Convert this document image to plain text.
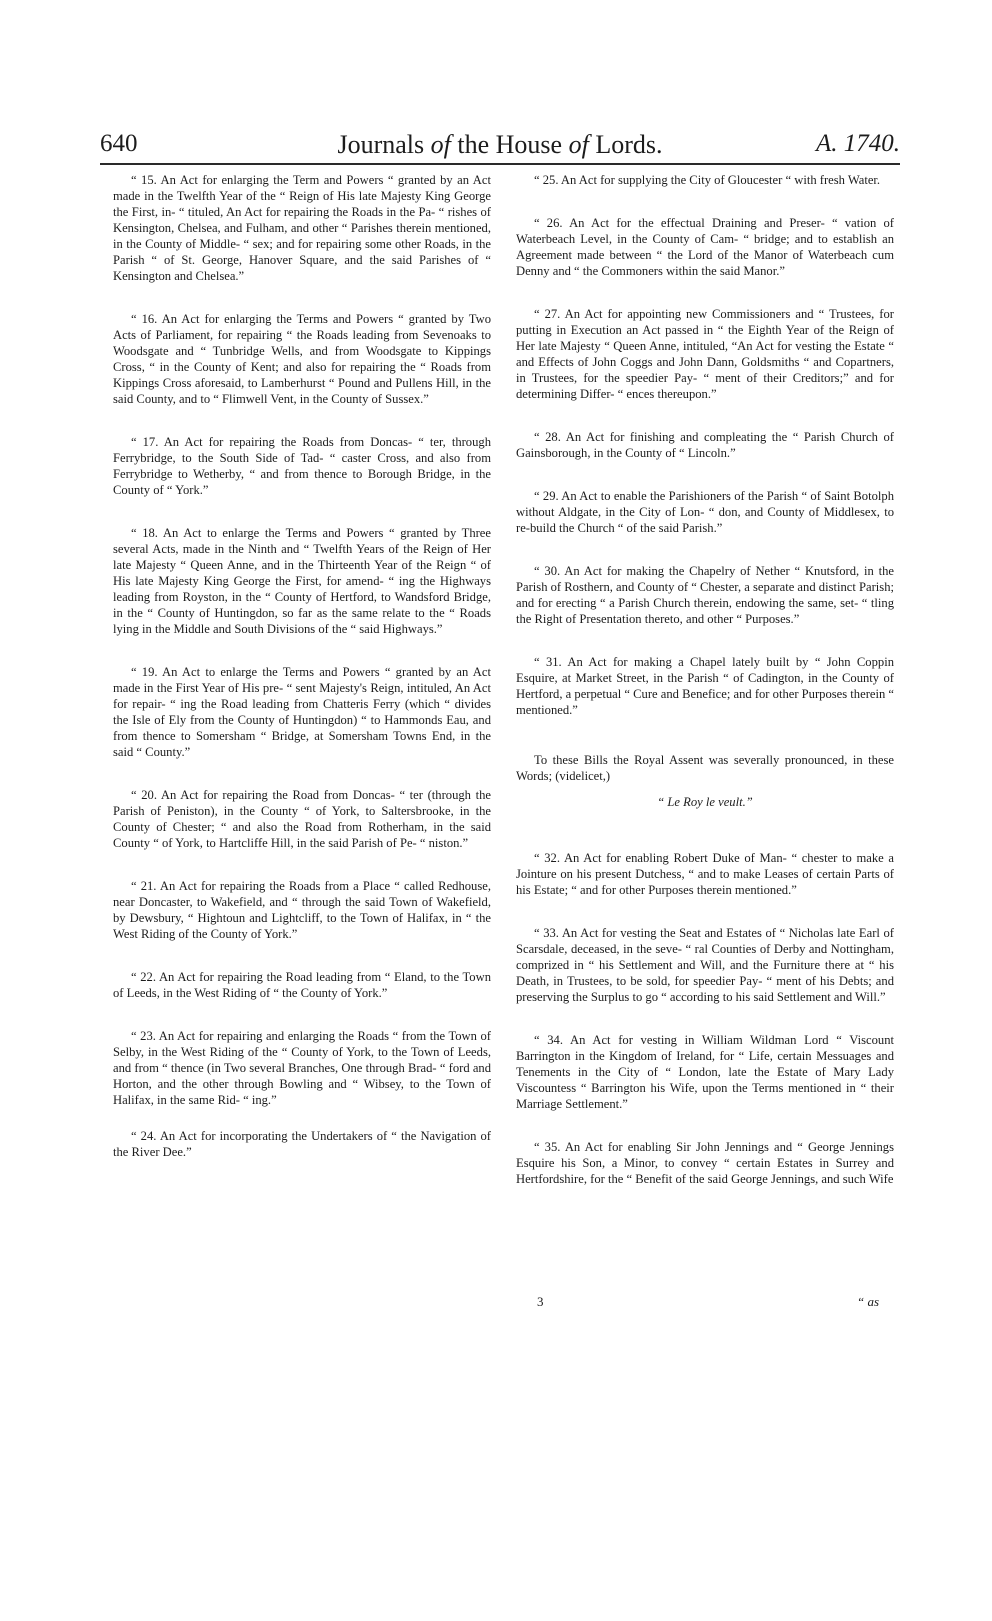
640	Journals of the House of Lords.	A. 1740.

“ 15. An Act for enlarging the Term and Powers “ granted by an Act made in the Twelfth Year of the “ Reign of His late Majesty King George the First, in- “ tituled, An Act for repairing the Roads in the Pa- “ rishes of Kensington, Chelsea, and Fulham, and other “ Parishes therein mentioned, in the County of Middle- “ sex; and for repairing some other Roads, in the Parish “ of St. George, Hanover Square, and the said Parishes of “ Kensington and Chelsea.”

“ 16. An Act for enlarging the Terms and Powers “ granted by Two Acts of Parliament, for repairing “ the Roads leading from Sevenoaks to Woodsgate and “ Tunbridge Wells, and from Woodsgate to Kippings Cross, “ in the County of Kent; and also for repairing the “ Roads from Kippings Cross aforesaid, to Lamberhurst “ Pound and Pullens Hill, in the said County, and to “ Flimwell Vent, in the County of Sussex.”

“ 17. An Act for repairing the Roads from Doncas- “ ter, through Ferrybridge, to the South Side of Tad- “ caster Cross, and also from Ferrybridge to Wetherby, “ and from thence to Borough Bridge, in the County of “ York.”

“ 18. An Act to enlarge the Terms and Powers “ granted by Three several Acts, made in the Ninth and “ Twelfth Years of the Reign of Her late Majesty “ Queen Anne, and in the Thirteenth Year of the Reign “ of His late Majesty King George the First, for amend- “ ing the Highways leading from Royston, in the “ County of Hertford, to Wandsford Bridge, in the “ County of Huntingdon, so far as the same relate to the “ Roads lying in the Middle and South Divisions of the “ said Highways.”

“ 19. An Act to enlarge the Terms and Powers “ granted by an Act made in the First Year of His pre- “ sent Majesty's Reign, intituled, An Act for repair- “ ing the Road leading from Chatteris Ferry (which “ divides the Isle of Ely from the County of Huntingdon) “ to Hammonds Eau, and from thence to Somersham “ Bridge, at Somersham Towns End, in the said “ County.”

“ 20. An Act for repairing the Road from Doncas- “ ter (through the Parish of Peniston), in the County “ of York, to Saltersbrooke, in the County of Chester; “ and also the Road from Rotherham, in the said County “ of York, to Hartcliffe Hill, in the said Parish of Pe- “ niston.”

“ 21. An Act for repairing the Roads from a Place “ called Redhouse, near Doncaster, to Wakefield, and “ through the said Town of Wakefield, by Dewsbury, “ Hightoun and Lightcliff, to the Town of Halifax, in “ the West Riding of the County of York.”

“ 22. An Act for repairing the Road leading from “ Eland, to the Town of Leeds, in the West Riding of “ the County of York.”

“ 23. An Act for repairing and enlarging the Roads “ from the Town of Selby, in the West Riding of the “ County of York, to the Town of Leeds, and from “ thence (in Two several Branches, One through Brad- “ ford and Horton, and the other through Bowling and “ Wibsey, to the Town of Halifax, in the same Rid- “ ing.”

“ 24. An Act for incorporating the Undertakers of “ the Navigation of the River Dee.”

“ 25. An Act for supplying the City of Gloucester “ with fresh Water.

“ 26. An Act for the effectual Draining and Preser- “ vation of Waterbeach Level, in the County of Cam- “ bridge; and to establish an Agreement made between “ the Lord of the Manor of Waterbeach cum Denny and “ the Commoners within the said Manor.”

“ 27. An Act for appointing new Commissioners and “ Trustees, for putting in Execution an Act passed in “ the Eighth Year of the Reign of Her late Majesty “ Queen Anne, intituled, “An Act for vesting the Estate “ and Effects of John Coggs and John Dann, Goldsmiths “ and Copartners, in Trustees, for the speedier Pay- “ ment of their Creditors;” and for determining Differ- “ ences thereupon.”

“ 28. An Act for finishing and compleating the “ Parish Church of Gainsborough, in the County of “ Lincoln.”

“ 29. An Act to enable the Parishioners of the Parish “ of Saint Botolph without Aldgate, in the City of Lon- “ don, and County of Middlesex, to re-build the Church “ of the said Parish.”

“ 30. An Act for making the Chapelry of Nether “ Knutsford, in the Parish of Rosthern, and County of “ Chester, a separate and distinct Parish; and for erecting “ a Parish Church therein, endowing the same, set- “ tling the Right of Presentation thereto, and other “ Purposes.”

“ 31. An Act for making a Chapel lately built by “ John Coppin Esquire, at Market Street, in the Parish “ of Cadington, in the County of Hertford, a perpetual “ Cure and Benefice; and for other Purposes therein “ mentioned.”

To these Bills the Royal Assent was severally pronounced, in these Words; (videlicet,)

“ Le Roy le veult.”

“ 32. An Act for enabling Robert Duke of Man- “ chester to make a Jointure on his present Dutchess, “ and to make Leases of certain Parts of his Estate; “ and for other Purposes therein mentioned.”

“ 33. An Act for vesting the Seat and Estates of “ Nicholas late Earl of Scarsdale, deceased, in the seve- “ ral Counties of Derby and Nottingham, comprized in “ his Settlement and Will, and the Furniture there at “ his Death, in Trustees, to be sold, for speedier Pay- “ ment of his Debts; and preserving the Surplus to go “ according to his said Settlement and Will.”

“ 34. An Act for vesting in William Wildman Lord “ Viscount Barrington in the Kingdom of Ireland, for “ Life, certain Messuages and Tenements in the City of “ London, late the Estate of Mary Lady Viscountess “ Barrington his Wife, upon the Terms mentioned in “ their Marriage Settlement.”

“ 35. An Act for enabling Sir John Jennings and “ George Jennings Esquire his Son, a Minor, to convey “ certain Estates in Surrey and Hertfordshire, for the “ Benefit of the said George Jennings, and such Wife

3	“ as
